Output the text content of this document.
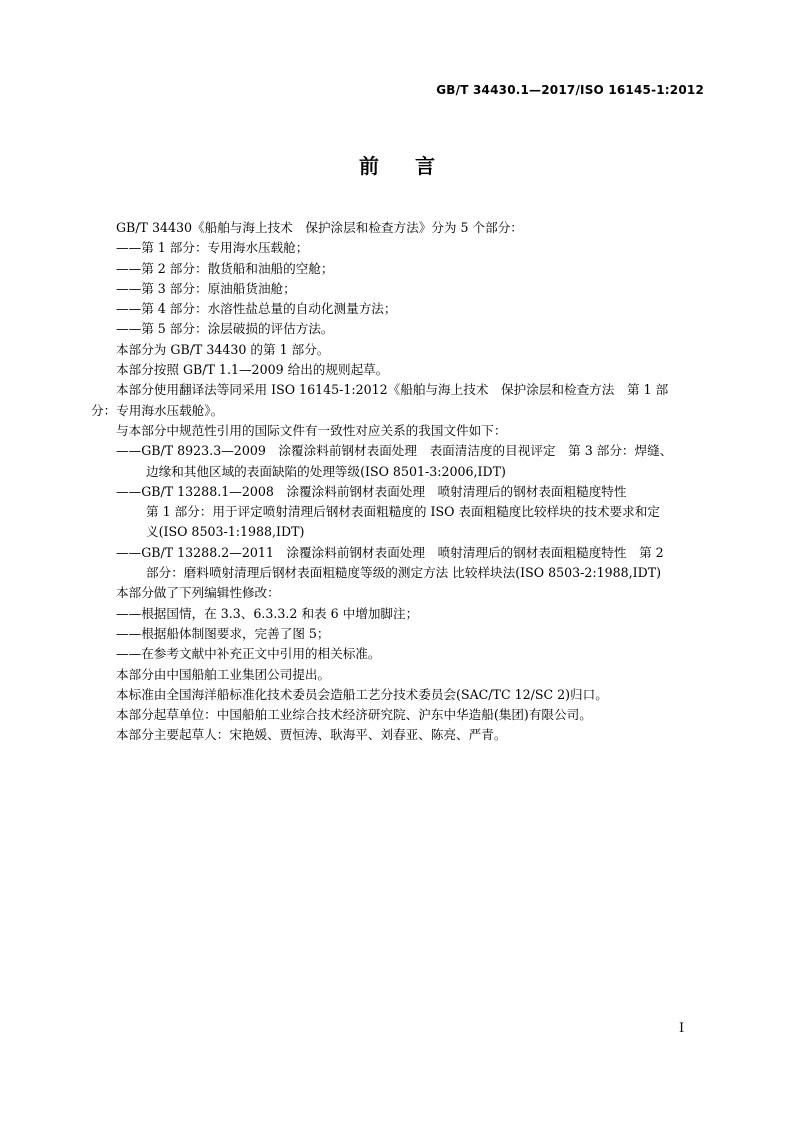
GB/T 34430.1—2017/ISO 16145-1:2012
前言
GB/T 34430《船舶与海上技术　保护涂层和检查方法》分为 5 个部分：
——第 1 部分：专用海水压载舱；
——第 2 部分：散货船和油船的空舱；
——第 3 部分：原油船货油舱；
——第 4 部分：水溶性盐总量的自动化测量方法；
——第 5 部分：涂层破损的评估方法。
本部分为 GB/T 34430 的第 1 部分。
本部分按照 GB/T 1.1—2009 给出的规则起草。
本部分使用翻译法等同采用 ISO 16145-1:2012《船舶与海上技术　保护涂层和检查方法　第 1 部
分：专用海水压载舱》。
与本部分中规范性引用的国际文件有一致性对应关系的我国文件如下：
——GB/T 8923.3—2009　涂覆涂料前钢材表面处理　表面清洁度的目视评定　第 3 部分：焊缝、
边缘和其他区域的表面缺陷的处理等级(ISO 8501-3:2006,IDT)
——GB/T 13288.1—2008　涂覆涂料前钢材表面处理　喷射清理后的钢材表面粗糙度特性
第 1 部分：用于评定喷射清理后钢材表面粗糙度的 ISO 表面粗糙度比较样块的技术要求和定
义(ISO 8503-1:1988,IDT)
——GB/T 13288.2—2011　涂覆涂料前钢材表面处理　喷射清理后的钢材表面粗糙度特性　第 2
部分：磨料喷射清理后钢材表面粗糙度等级的测定方法 比较样块法(ISO 8503-2:1988,IDT)
本部分做了下列编辑性修改：
——根据国情，在 3.3、6.3.3.2 和表 6 中增加脚注；
——根据船体制图要求，完善了图 5；
——在参考文献中补充正文中引用的相关标准。
本部分由中国船舶工业集团公司提出。
本标准由全国海洋船标准化技术委员会造船工艺分技术委员会(SAC/TC 12/SC 2)归口。
本部分起草单位：中国船舶工业综合技术经济研究院、沪东中华造船(集团)有限公司。
本部分主要起草人：宋艳媛、贾恒涛、耿海平、刘春亚、陈亮、严青。
I
